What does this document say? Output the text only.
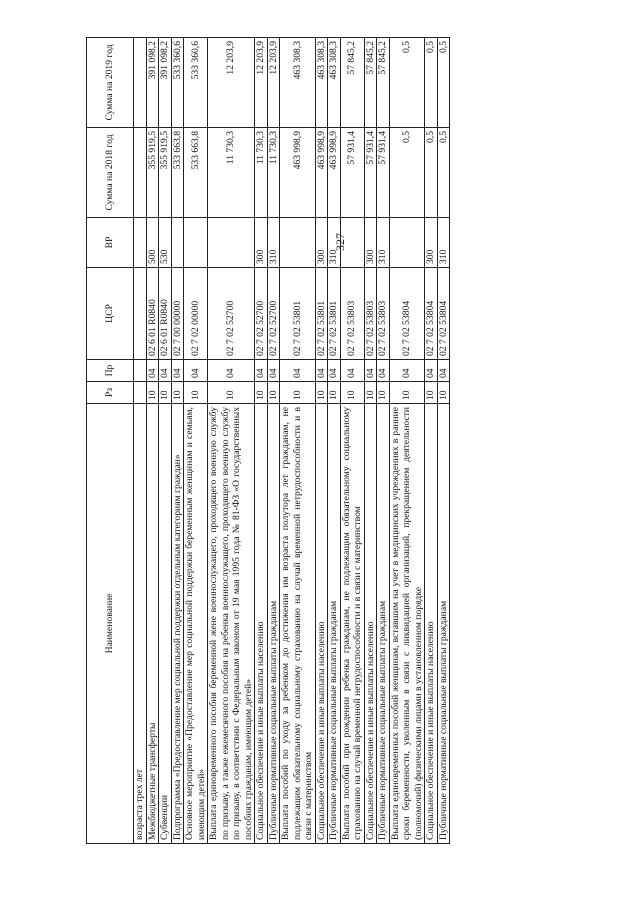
327
Наименование	Рз	Пр	ЦСР	ВР	Сумма на 2018 год	Сумма на 2019 год
возраста трех лет						
Межбюджетные трансферты	10	04	02 6 01 R0840	500	355 919,5	391 098,2
Субвенции	10	04	02 6 01 R0840	530	355 919,5	391 098,2
Подпрограмма «Предоставление мер социальной поддержки отдельным категориям граждан»	10	04	02 7 00 00000		533 663,8	533 360,6
Основное мероприятие «Предоставление мер социальной поддержки беременным женщинам и семьям, имеющим детей»	10	04	02 7 02 00000		533 663,8	533 360,6
Выплата единовременного пособия беременной жене военнослужащего, проходящего военную службу по призыву, а также ежемесячного пособия на ребенка военнослужащего, проходящего военную службу по призыву, в соответствии с Федеральным законом от 19 мая 1995 года № 81-ФЗ «О государственных пособиях гражданам, имеющим детей»	10	04	02 7 02 52700		11 730,3	12 203,9
Социальное обеспечение и иные выплаты населению	10	04	02 7 02 52700	300	11 730,3	12 203,9
Публичные нормативные социальные выплаты гражданам	10	04	02 7 02 52700	310	11 730,3	12 203,9
Выплата пособий по уходу за ребенком до достижения им возраста полутора лет гражданам, не подлежащим обязательному социальному страхованию на случай временной нетрудоспособности и в связи с материнством	10	04	02 7 02 53801		463 998,9	463 308,3
Социальное обеспечение и иные выплаты населению	10	04	02 7 02 53801	300	463 998,9	463 308,3
Публичные нормативные социальные выплаты гражданам	10	04	02 7 02 53801	310	463 998,9	463 308,3
Выплата пособий при рождении ребенка гражданам, не подлежащим обязательному социальному страхованию на случай временной нетрудоспособности и в связи с материнством	10	04	02 7 02 53803		57 931,4	57 845,2
Социальное обеспечение и иные выплаты населению	10	04	02 7 02 53803	300	57 931,4	57 845,2
Публичные нормативные социальные выплаты гражданам	10	04	02 7 02 53803	310	57 931,4	57 845,2
Выплата единовременных пособий женщинам, вставшим на учет в медицинских учреждениях в ранние сроки беременности, уволенным в связи с ликвидацией организаций, прекращением деятельности (полномочий) физическими лицами в установленном порядке	10	04	02 7 02 53804		0,5	0,5
Социальное обеспечение и иные выплаты населению	10	04	02 7 02 53804	300	0,5	0,5
Публичные нормативные социальные выплаты гражданам	10	04	02 7 02 53804	310	0,5	0,5
